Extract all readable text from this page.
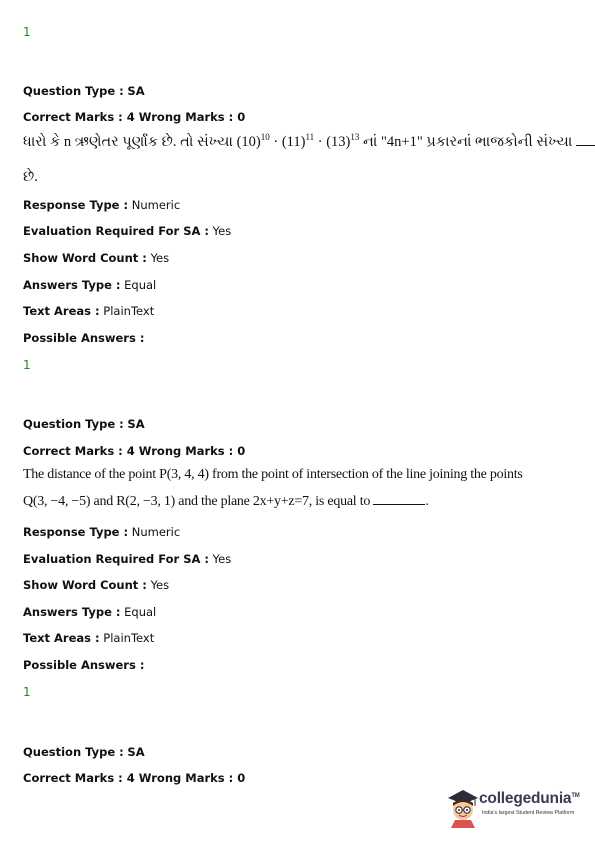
1
Question Type : SA
Correct Marks : 4 Wrong Marks : 0
ધારો કે n ઋણેતર પૂર્ણાંક છે. તો સંખ્યા $(10)^{10} \cdot (11)^{11} \cdot (13)^{13}$ નાં "4n+1" પ્રકારનાં ભાજકોની સંખ્યા
છે.
Response Type : Numeric
Evaluation Required For SA : Yes
Show Word Count : Yes
Answers Type : Equal
Text Areas : PlainText
Possible Answers :
1
Question Type : SA
Correct Marks : 4 Wrong Marks : 0
The distance of the point P(3, 4, 4) from the point of intersection of the line joining the points
Q(3, −4, −5) and R(2, −3, 1) and the plane 2x+y+z=7, is equal to	.
Response Type : Numeric
Evaluation Required For SA : Yes
Show Word Count : Yes
Answers Type : Equal
Text Areas : PlainText
Possible Answers :
1
Question Type : SA
Correct Marks : 4 Wrong Marks : 0
collegedunia™
India's largest Student Review Platform
